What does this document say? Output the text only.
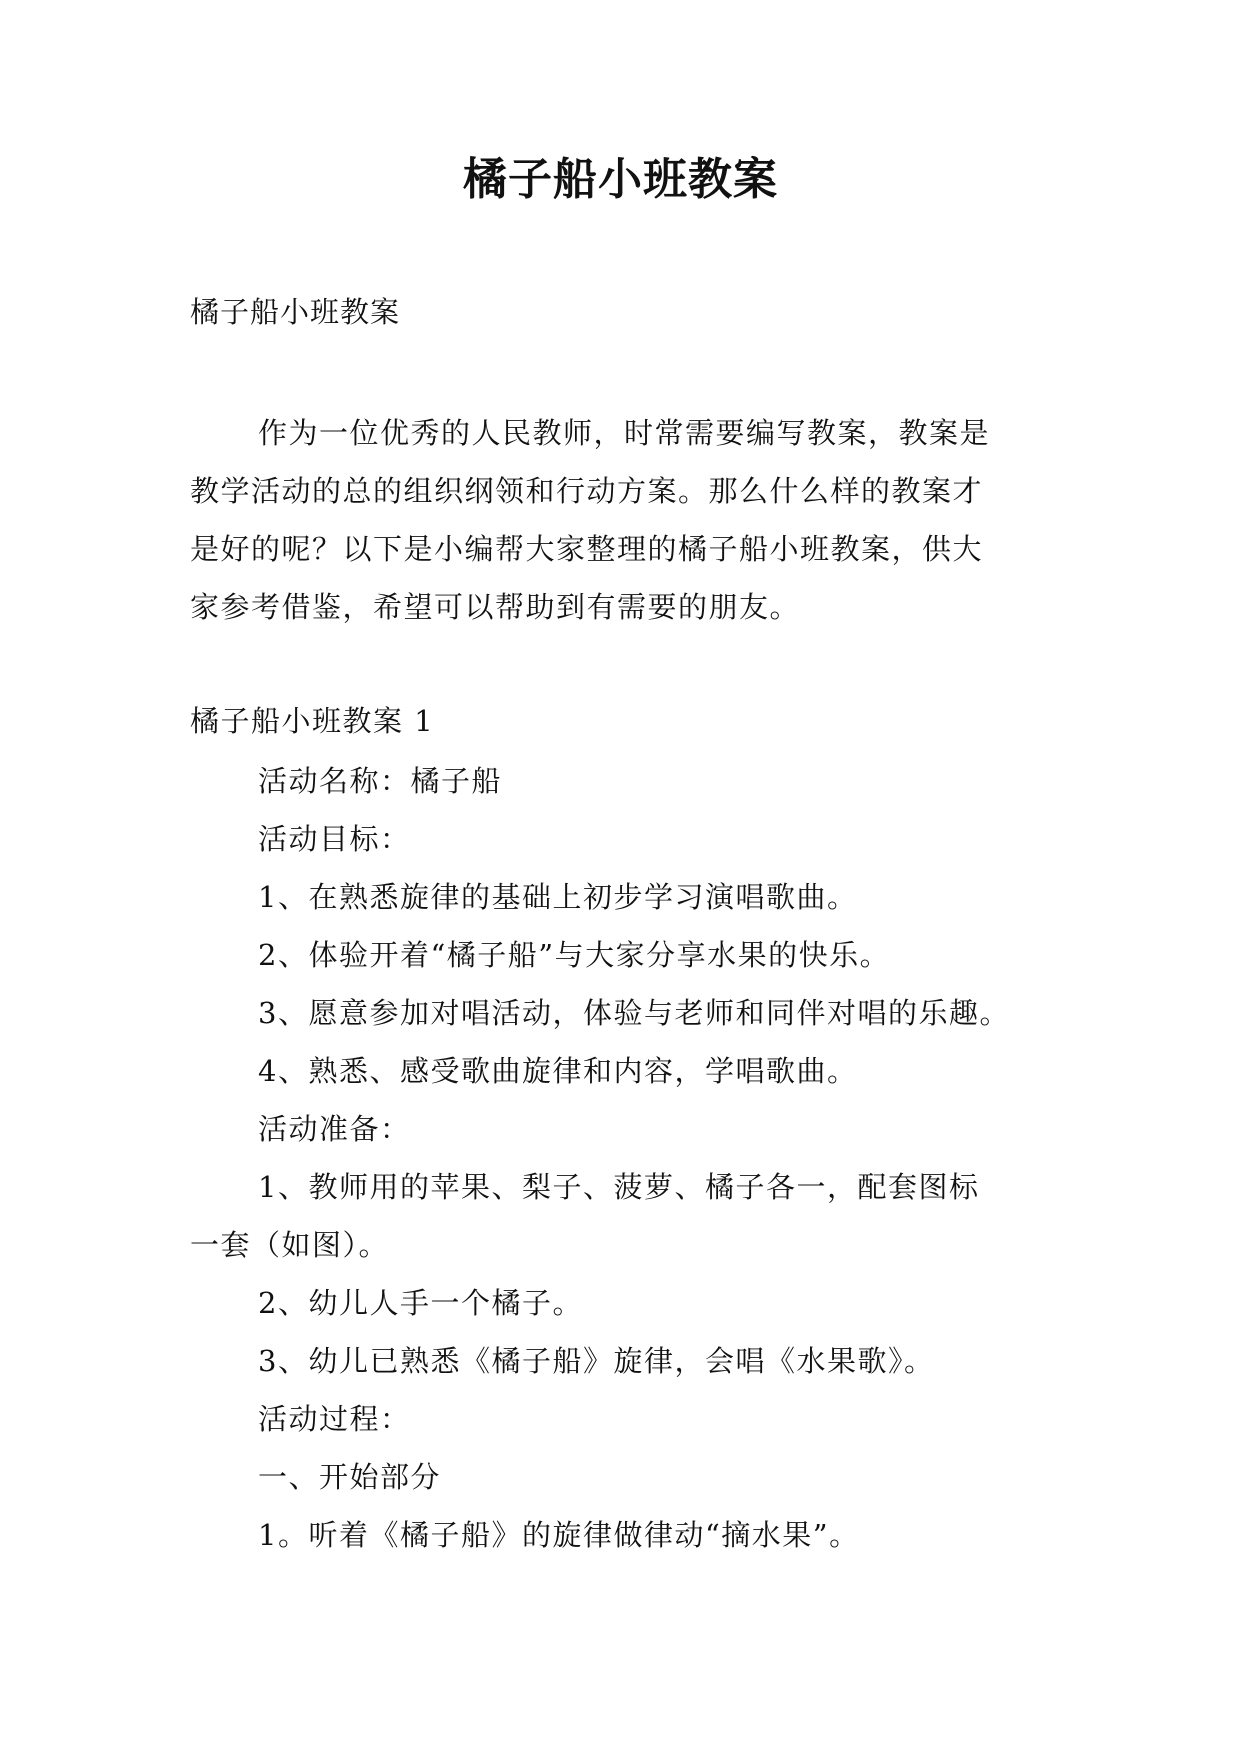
橘子船小班教案

橘子船小班教案

作为一位优秀的人民教师，时常需要编写教案，教案是
教学活动的总的组织纲领和行动方案。那么什么样的教案才
是好的呢？以下是小编帮大家整理的橘子船小班教案，供大
家参考借鉴，希望可以帮助到有需要的朋友。

橘子船小班教案 1

活动名称：橘子船
活动目标：
1、在熟悉旋律的基础上初步学习演唱歌曲。
2、体验开着“橘子船”与大家分享水果的快乐。
3、愿意参加对唱活动，体验与老师和同伴对唱的乐趣。
4、熟悉、感受歌曲旋律和内容，学唱歌曲。
活动准备：
1、教师用的苹果、梨子、菠萝、橘子各一，配套图标
一套（如图）。
2、幼儿人手一个橘子。
3、幼儿已熟悉《橘子船》旋律，会唱《水果歌》。
活动过程：
一、开始部分
1。听着《橘子船》的旋律做律动“摘水果”。
